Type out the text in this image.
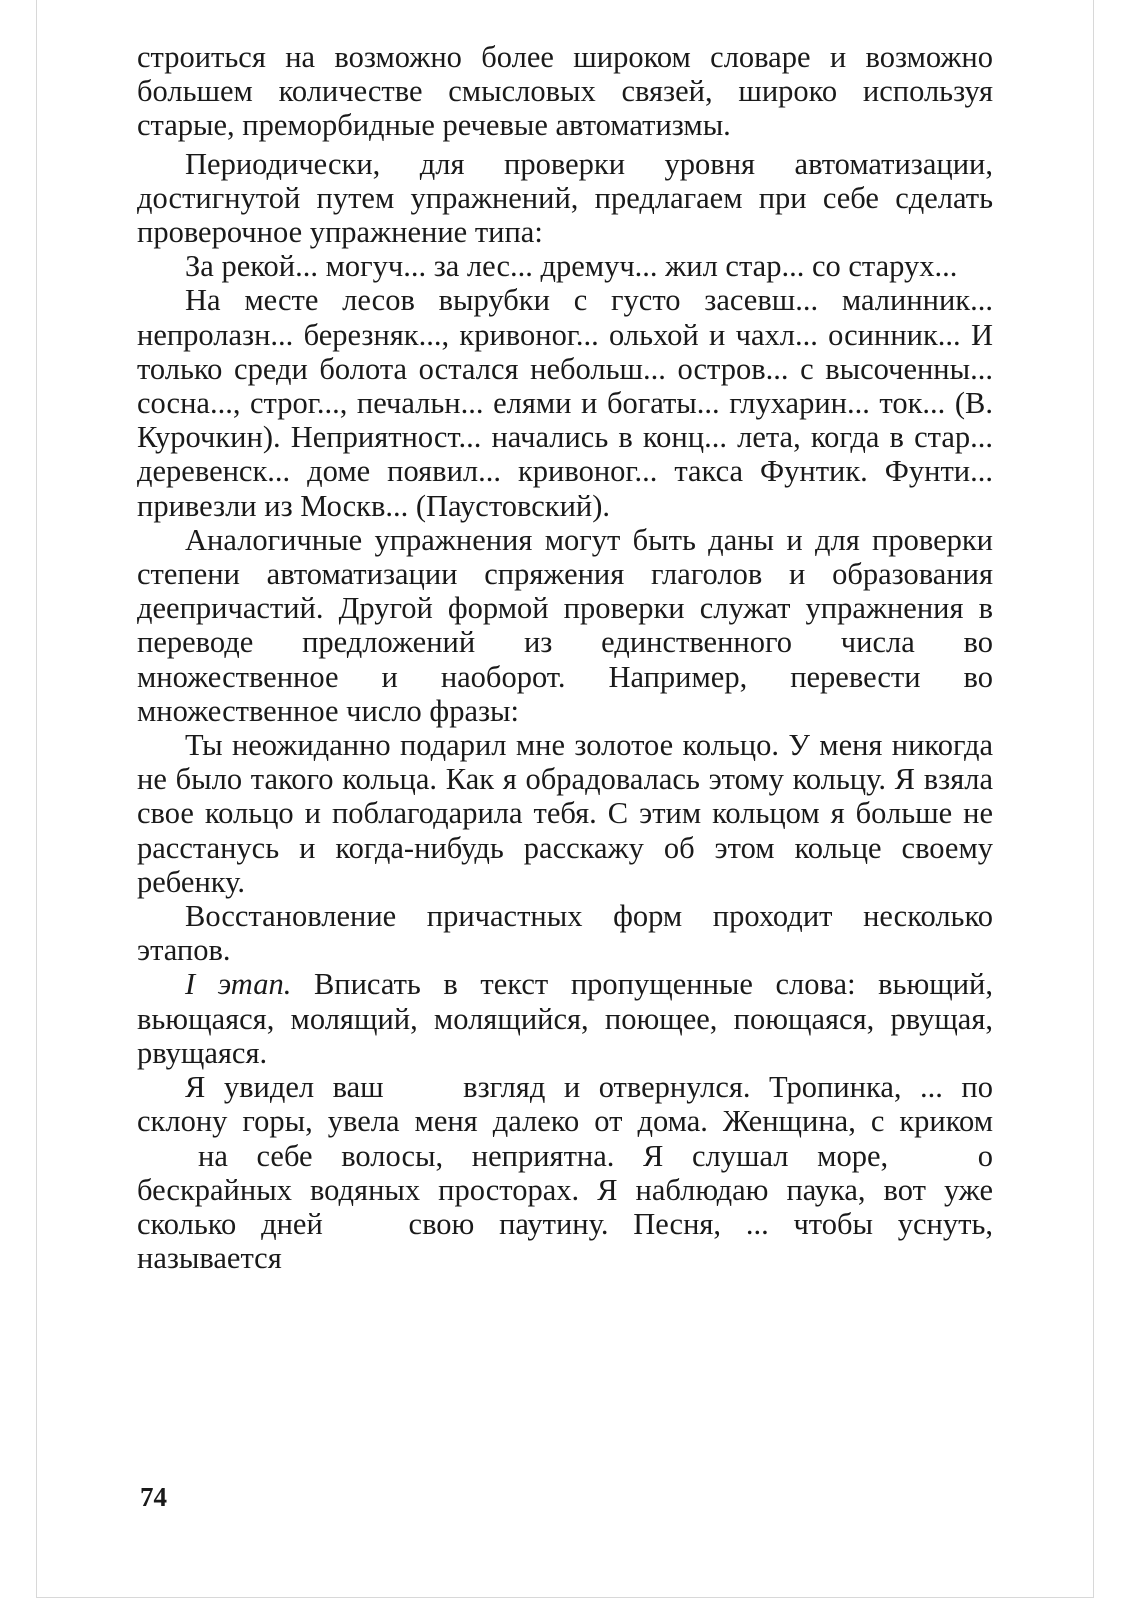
строиться на возможно более широком словаре и возможно большем количестве смысловых связей, широко используя старые, преморбидные речевые автоматизмы.

Периодически, для проверки уровня автоматизации, достигнутой путем упражнений, предлагаем при себе сделать проверочное упражнение типа:

За рекой... могуч... за лес... дремуч... жил стар... со старух...

На месте лесов вырубки с густо засевш... малинник... непролазн... березняк..., кривоног... ольхой и чахл... осинник... И только среди болота остался небольш... остров... с высоченны... сосна..., строг..., печальн... елями и богаты... глухарин... ток... (В. Курочкин). Неприятност... начались в конц... лета, когда в стар... деревенск... доме появил... кривоног... такса Фунтик. Фунти... привезли из Москв... (Паустовский).

Аналогичные упражнения могут быть даны и для проверки степени автоматизации спряжения глаголов и образования деепричастий. Другой формой проверки служат упражнения в переводе предложений из единственного числа во множественное и наоборот. Например, перевести во множественное число фразы:

Ты неожиданно подарил мне золотое кольцо. У меня никогда не было такого кольца. Как я обрадовалась этому кольцу. Я взяла свое кольцо и поблагодарила тебя. С этим кольцом я больше не расстанусь и когда-нибудь расскажу об этом кольце своему ребенку.

Восстановление причастных форм проходит несколько этапов.

I этап. Вписать в текст пропущенные слова: вьющий, вьющаяся, молящий, молящийся, поющее, поющаяся, рвущая, рвущаяся.

Я увидел ваш   взгляд и отвернулся. Тропинка, ... по склону горы, увела меня далеко от дома. Женщина, с криком   на себе волосы, неприятна. Я слушал море,   о бескрайных водяных просторах. Я наблюдаю паука, вот уже сколько дней   свою паутину. Песня, ... чтобы уснуть, называется

74
